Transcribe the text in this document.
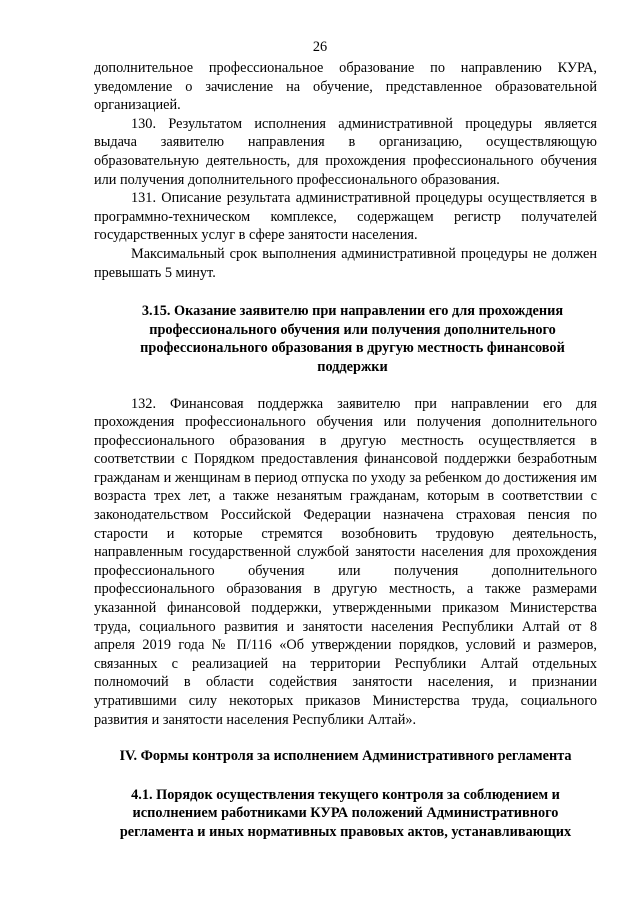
26

дополнительное профессиональное образование по направлению КУРА, уведомление о зачисление на обучение, представленное образовательной организацией.

130. Результатом исполнения административной процедуры является выдача заявителю направления в организацию, осуществляющую образовательную деятельность, для прохождения профессионального обучения или получения дополнительного профессионального образования.

131. Описание результата административной процедуры осуществляется в программно-техническом комплексе, содержащем регистр получателей государственных услуг в сфере занятости населения.

Максимальный срок выполнения административной процедуры не должен превышать 5 минут.

3.15. Оказание заявителю при направлении его для прохождения профессионального обучения или получения дополнительного профессионального образования в другую местность финансовой поддержки

132. Финансовая поддержка заявителю при направлении его для прохождения профессионального обучения или получения дополнительного профессионального образования в другую местность осуществляется в соответствии с Порядком предоставления финансовой поддержки безработным гражданам и женщинам в период отпуска по уходу за ребенком до достижения им возраста трех лет, а также незанятым гражданам, которым в соответствии с законодательством Российской Федерации назначена страховая пенсия по старости и которые стремятся возобновить трудовую деятельность, направленным государственной службой занятости населения для прохождения профессионального обучения или получения дополнительного профессионального образования в другую местность, а также размерами указанной финансовой поддержки, утвержденными приказом Министерства труда, социального развития и занятости населения Республики Алтай от 8 апреля 2019 года № П/116 «Об утверждении порядков, условий и размеров, связанных с реализацией на территории Республики Алтай отдельных полномочий в области содействия занятости населения, и признании утратившими силу некоторых приказов Министерства труда, социального развития и занятости населения Республики Алтай».

IV. Формы контроля за исполнением Административного регламента

4.1. Порядок осуществления текущего контроля за соблюдением и исполнением работниками КУРА положений Административного регламента и иных нормативных правовых актов, устанавливающих
